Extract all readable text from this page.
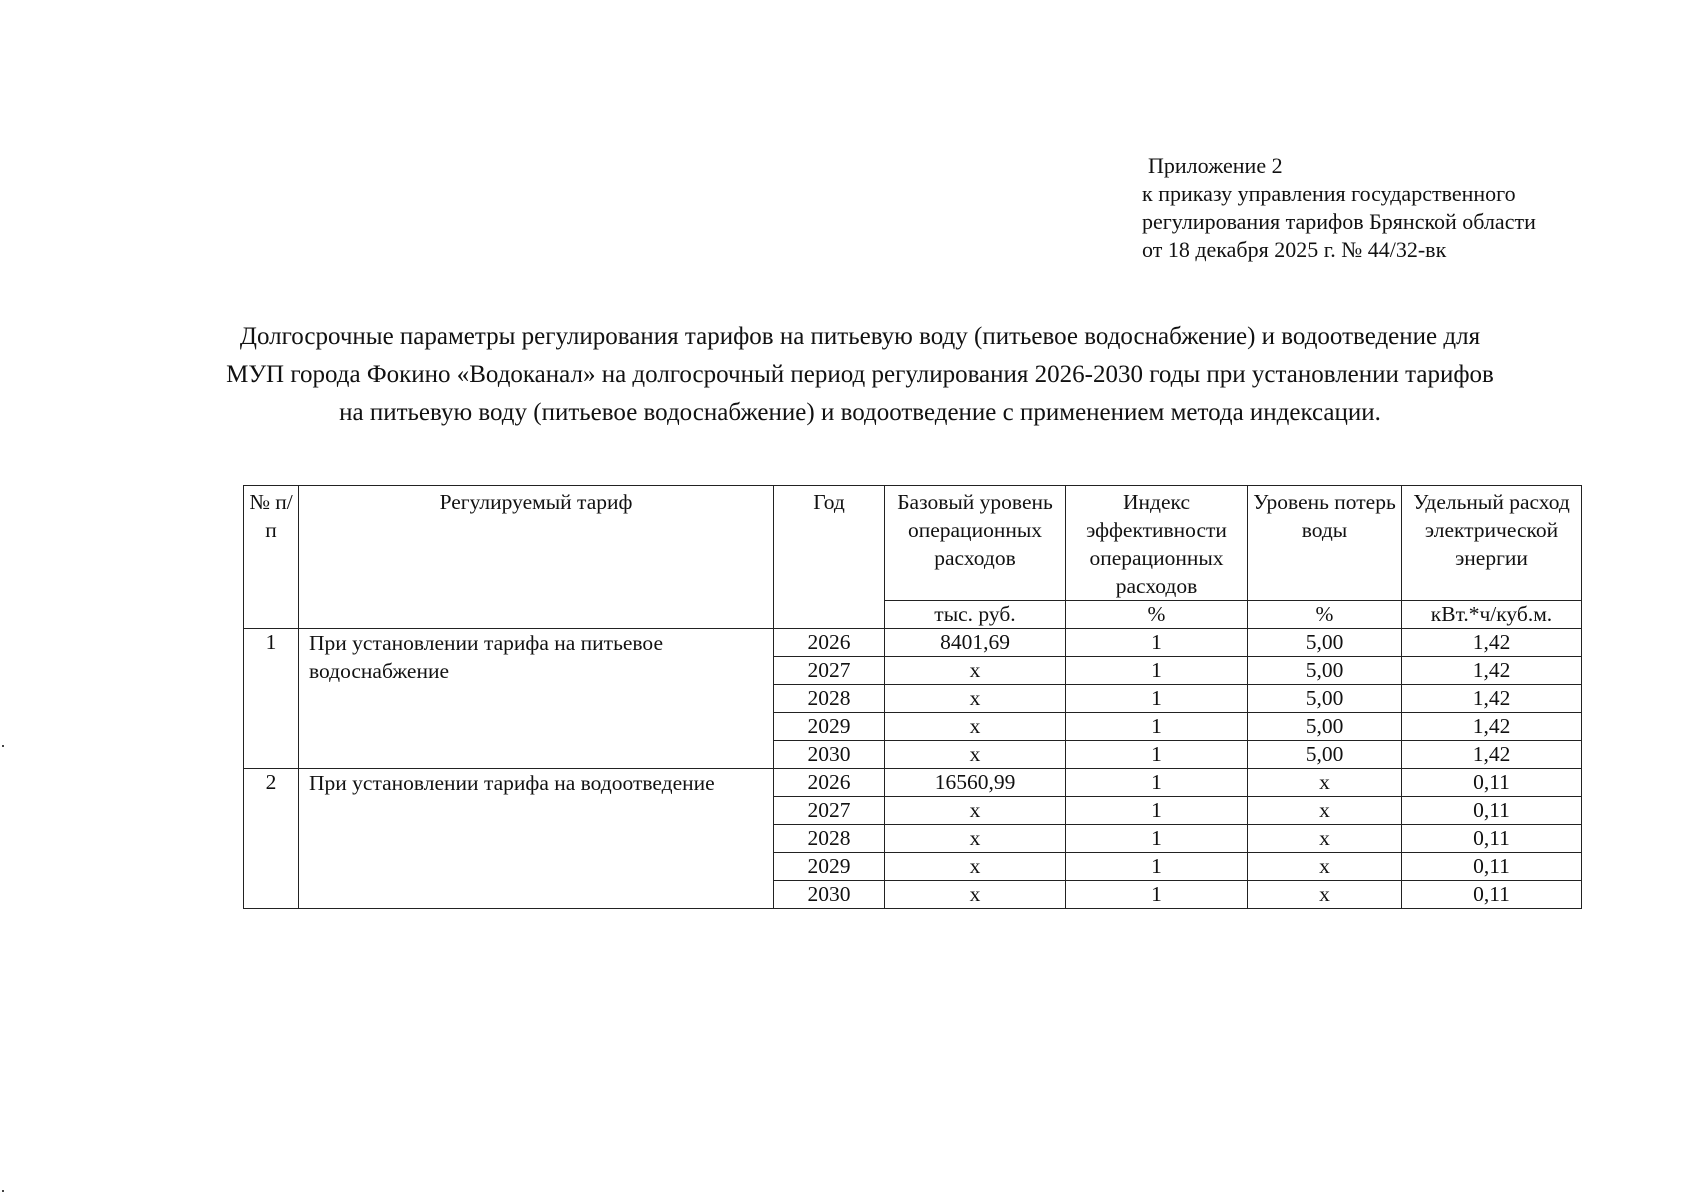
Приложение 2
к приказу управления государственного
регулирования тарифов Брянской области
от 18 декабря 2025 г. № 44/32-вк
Долгосрочные параметры регулирования тарифов на питьевую воду (питьевое водоснабжение) и водоотведение для
МУП города Фокино «Водоканал» на долгосрочный период регулирования 2026-2030 годы при установлении тарифов
на питьевую воду (питьевое водоснабжение) и водоотведение с применением метода индексации.
№ п/п	Регулируемый тариф	Год	Базовый уровень операционных расходов	Индекс эффективности операционных расходов	Уровень потерь воды	Удельный расход электрической энергии
			тыс. руб.	%	%	кВт.*ч/куб.м.
1	При установлении тарифа на питьевое водоснабжение	2026	8401,69	1	5,00	1,42
		2027	x	1	5,00	1,42
		2028	x	1	5,00	1,42
		2029	x	1	5,00	1,42
		2030	x	1	5,00	1,42
2	При установлении тарифа на водоотведение	2026	16560,99	1	x	0,11
		2027	x	1	x	0,11
		2028	x	1	x	0,11
		2029	x	1	x	0,11
		2030	x	1	x	0,11
